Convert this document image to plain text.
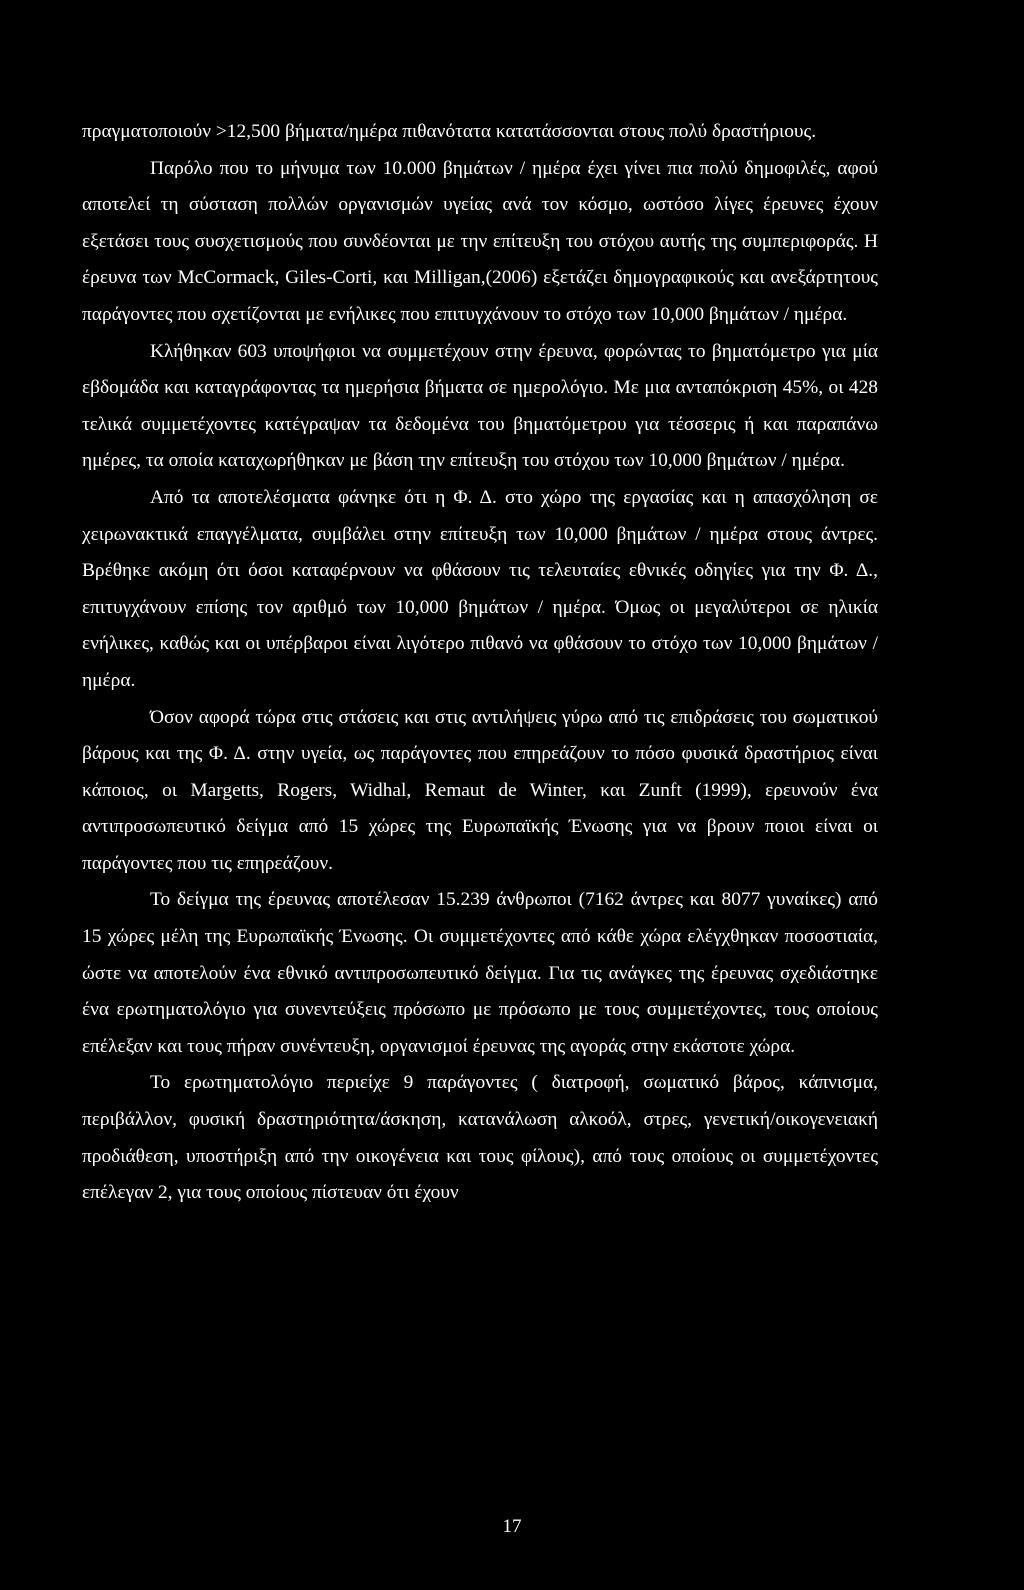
πραγματοποιούν >12,500 βήματα/ημέρα πιθανότατα κατατάσσονται στους πολύ δραστήριους.

Παρόλο που το μήνυμα των 10.000 βημάτων / ημέρα έχει γίνει πια πολύ δημοφιλές, αφού αποτελεί τη σύσταση πολλών οργανισμών υγείας ανά τον κόσμο, ωστόσο λίγες έρευνες έχουν εξετάσει τους συσχετισμούς που συνδέονται με την επίτευξη του στόχου αυτής της συμπεριφοράς. Η έρευνα των McCormack, Giles-Corti, και Milligan,(2006) εξετάζει δημογραφικούς και ανεξάρτητους παράγοντες που σχετίζονται με ενήλικες που επιτυγχάνουν το στόχο των 10,000 βημάτων / ημέρα.

Κλήθηκαν 603 υποψήφιοι να συμμετέχουν στην έρευνα, φορώντας το βηματόμετρο για μία εβδομάδα και καταγράφοντας τα ημερήσια βήματα σε ημερολόγιο. Με μια ανταπόκριση 45%, οι 428 τελικά συμμετέχοντες κατέγραψαν τα δεδομένα του βηματόμετρου για τέσσερις ή και παραπάνω ημέρες, τα οποία καταχωρήθηκαν με βάση την επίτευξη του στόχου των 10,000 βημάτων / ημέρα.

Από τα αποτελέσματα φάνηκε ότι η Φ. Δ. στο χώρο της εργασίας και η απασχόληση σε χειρωνακτικά επαγγέλματα, συμβάλει στην επίτευξη των 10,000 βημάτων / ημέρα στους άντρες. Βρέθηκε ακόμη ότι όσοι καταφέρνουν να φθάσουν τις τελευταίες εθνικές οδηγίες για την Φ. Δ., επιτυγχάνουν επίσης τον αριθμό των 10,000 βημάτων / ημέρα. Όμως οι μεγαλύτεροι σε ηλικία ενήλικες, καθώς και οι υπέρβαροι είναι λιγότερο πιθανό να φθάσουν το στόχο των 10,000 βημάτων / ημέρα.

Όσον αφορά τώρα στις στάσεις και στις αντιλήψεις γύρω από τις επιδράσεις του σωματικού βάρους και της Φ. Δ. στην υγεία, ως παράγοντες που επηρεάζουν το πόσο φυσικά δραστήριος είναι κάποιος, οι Margetts, Rogers, Widhal, Remaut de Winter, και Zunft (1999), ερευνούν ένα αντιπροσωπευτικό δείγμα από 15 χώρες της Ευρωπαϊκής Ένωσης για να βρουν ποιοι είναι οι παράγοντες που τις επηρεάζουν.

Το δείγμα της έρευνας αποτέλεσαν 15.239 άνθρωποι (7162 άντρες και 8077 γυναίκες) από 15 χώρες μέλη της Ευρωπαϊκής Ένωσης. Οι συμμετέχοντες από κάθε χώρα ελέγχθηκαν ποσοστιαία, ώστε να αποτελούν ένα εθνικό αντιπροσωπευτικό δείγμα. Για τις ανάγκες της έρευνας σχεδιάστηκε ένα ερωτηματολόγιο για συνεντεύξεις πρόσωπο με πρόσωπο με τους συμμετέχοντες, τους οποίους επέλεξαν και τους πήραν συνέντευξη, οργανισμοί έρευνας της αγοράς στην εκάστοτε χώρα.

Το ερωτηματολόγιο περιείχε 9 παράγοντες ( διατροφή, σωματικό βάρος, κάπνισμα, περιβάλλον, φυσική δραστηριότητα/άσκηση, κατανάλωση αλκοόλ, στρες, γενετική/οικογενειακή προδιάθεση, υποστήριξη από την οικογένεια και τους φίλους), από τους οποίους οι συμμετέχοντες επέλεγαν 2, για τους οποίους πίστευαν ότι έχουν

17
